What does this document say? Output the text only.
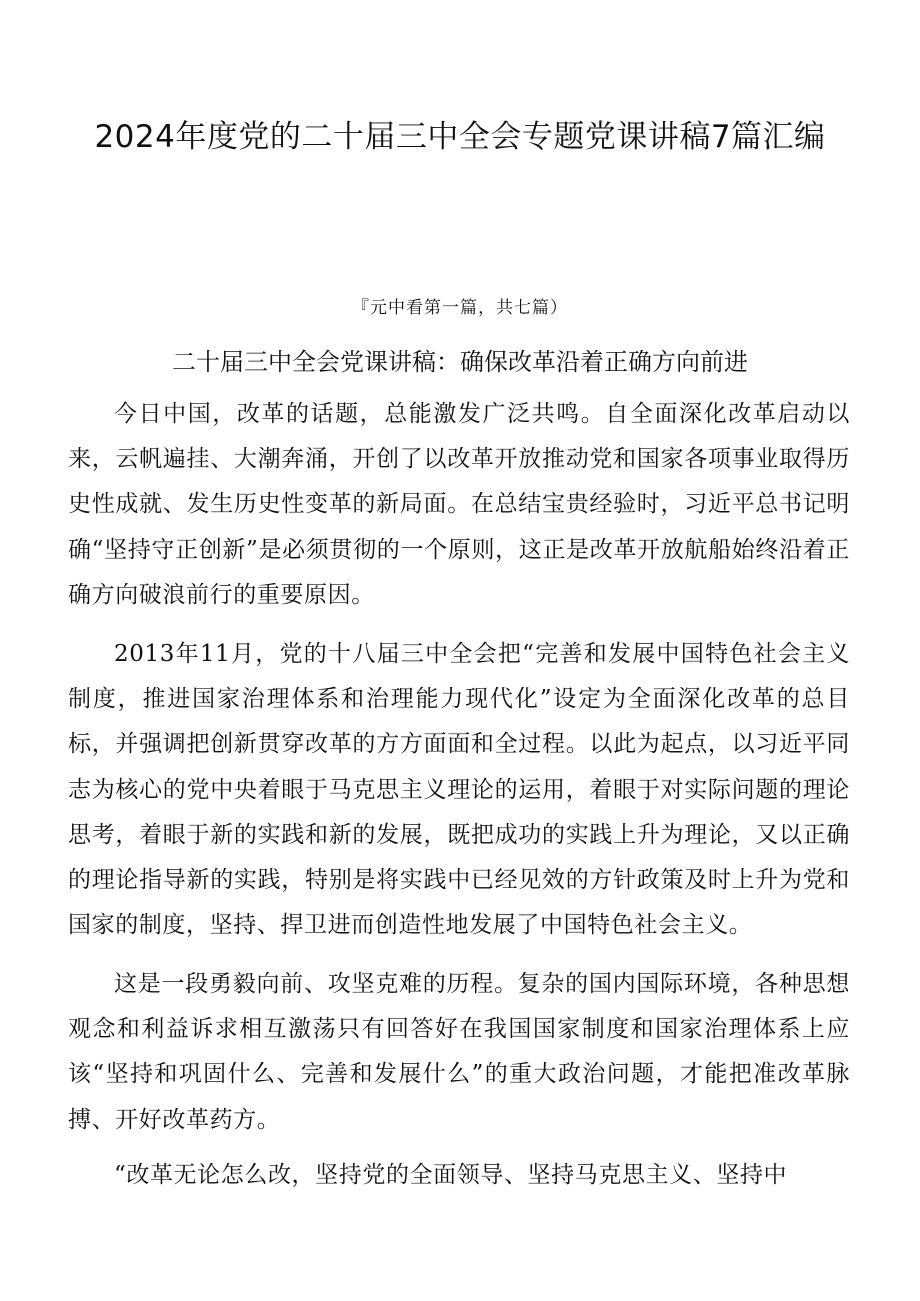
2024年度党的二十届三中全会专题党课讲稿7篇汇编
『元中看第一篇，共七篇）
二十届三中全会党课讲稿：确保改革沿着正确方向前进

今日中国，改革的话题，总能激发广泛共鸣。自全面深化改革启动以来，云帆遍挂、大潮奔涌，开创了以改革开放推动党和国家各项事业取得历史性成就、发生历史性变革的新局面。在总结宝贵经验时，习近平总书记明确“坚持守正创新”是必须贯彻的一个原则，这正是改革开放航船始终沿着正确方向破浪前行的重要原因。

2013年11月，党的十八届三中全会把“完善和发展中国特色社会主义制度，推进国家治理体系和治理能力现代化”设定为全面深化改革的总目标，并强调把创新贯穿改革的方方面面和全过程。以此为起点，以习近平同志为核心的党中央着眼于马克思主义理论的运用，着眼于对实际问题的理论思考，着眼于新的实践和新的发展，既把成功的实践上升为理论，又以正确的理论指导新的实践，特别是将实践中已经见效的方针政策及时上升为党和国家的制度，坚持、捍卫进而创造性地发展了中国特色社会主义。

这是一段勇毅向前、攻坚克难的历程。复杂的国内国际环境，各种思想观念和利益诉求相互激荡只有回答好在我国国家制度和国家治理体系上应该“坚持和巩固什么、完善和发展什么”的重大政治问题，才能把准改革脉搏、开好改革药方。

“改革无论怎么改，坚持党的全面领导、坚持马克思主义、坚持中
